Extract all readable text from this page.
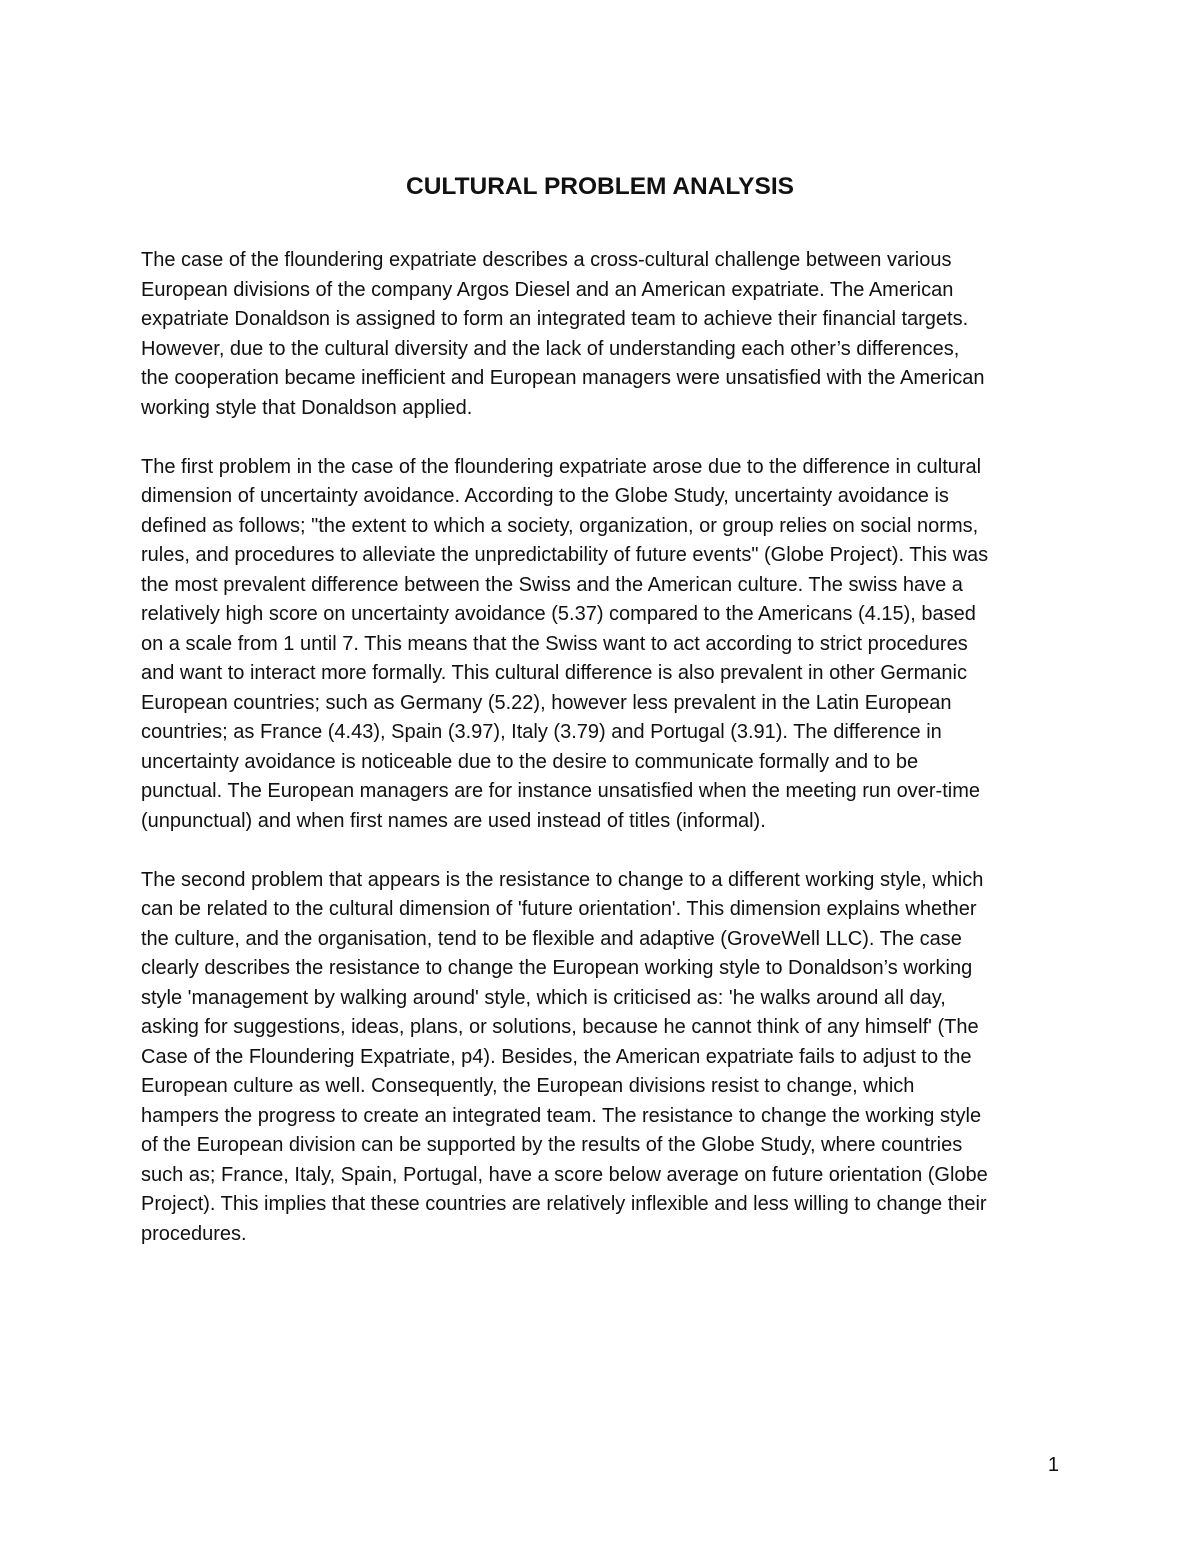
CULTURAL PROBLEM ANALYSIS

The case of the floundering expatriate describes a cross-cultural challenge between various
European divisions of the company Argos Diesel and an American expatriate. The American
expatriate Donaldson is assigned to form an integrated team to achieve their financial targets.
However, due to the cultural diversity and the lack of understanding each other’s differences,
the cooperation became inefficient and European managers were unsatisfied with the American
working style that Donaldson applied.

The first problem in the case of the floundering expatriate arose due to the difference in cultural
dimension of uncertainty avoidance. According to the Globe Study, uncertainty avoidance is
defined as follows; "the extent to which a society, organization, or group relies on social norms,
rules, and procedures to alleviate the unpredictability of future events" (Globe Project). This was
the most prevalent difference between the Swiss and the American culture. The swiss have a
relatively high score on uncertainty avoidance (5.37) compared to the Americans (4.15), based
on a scale from 1 until 7. This means that the Swiss want to act according to strict procedures
and want to interact more formally. This cultural difference is also prevalent in other Germanic
European countries; such as Germany (5.22), however less prevalent in the Latin European
countries; as France (4.43), Spain (3.97), Italy (3.79) and Portugal (3.91). The difference in
uncertainty avoidance is noticeable due to the desire to communicate formally and to be
punctual. The European managers are for instance unsatisfied when the meeting run over-time
(unpunctual) and when first names are used instead of titles (informal).

The second problem that appears is the resistance to change to a different working style, which
can be related to the cultural dimension of 'future orientation'. This dimension explains whether
the culture, and the organisation, tend to be flexible and adaptive (GroveWell LLC). The case
clearly describes the resistance to change the European working style to Donaldson’s working
style 'management by walking around' style, which is criticised as: 'he walks around all day,
asking for suggestions, ideas, plans, or solutions, because he cannot think of any himself' (The
Case of the Floundering Expatriate, p4). Besides, the American expatriate fails to adjust to the
European culture as well. Consequently, the European divisions resist to change, which
hampers the progress to create an integrated team. The resistance to change the working style
of the European division can be supported by the results of the Globe Study, where countries
such as; France, Italy, Spain, Portugal, have a score below average on future orientation (Globe
Project). This implies that these countries are relatively inflexible and less willing to change their
procedures.

1
